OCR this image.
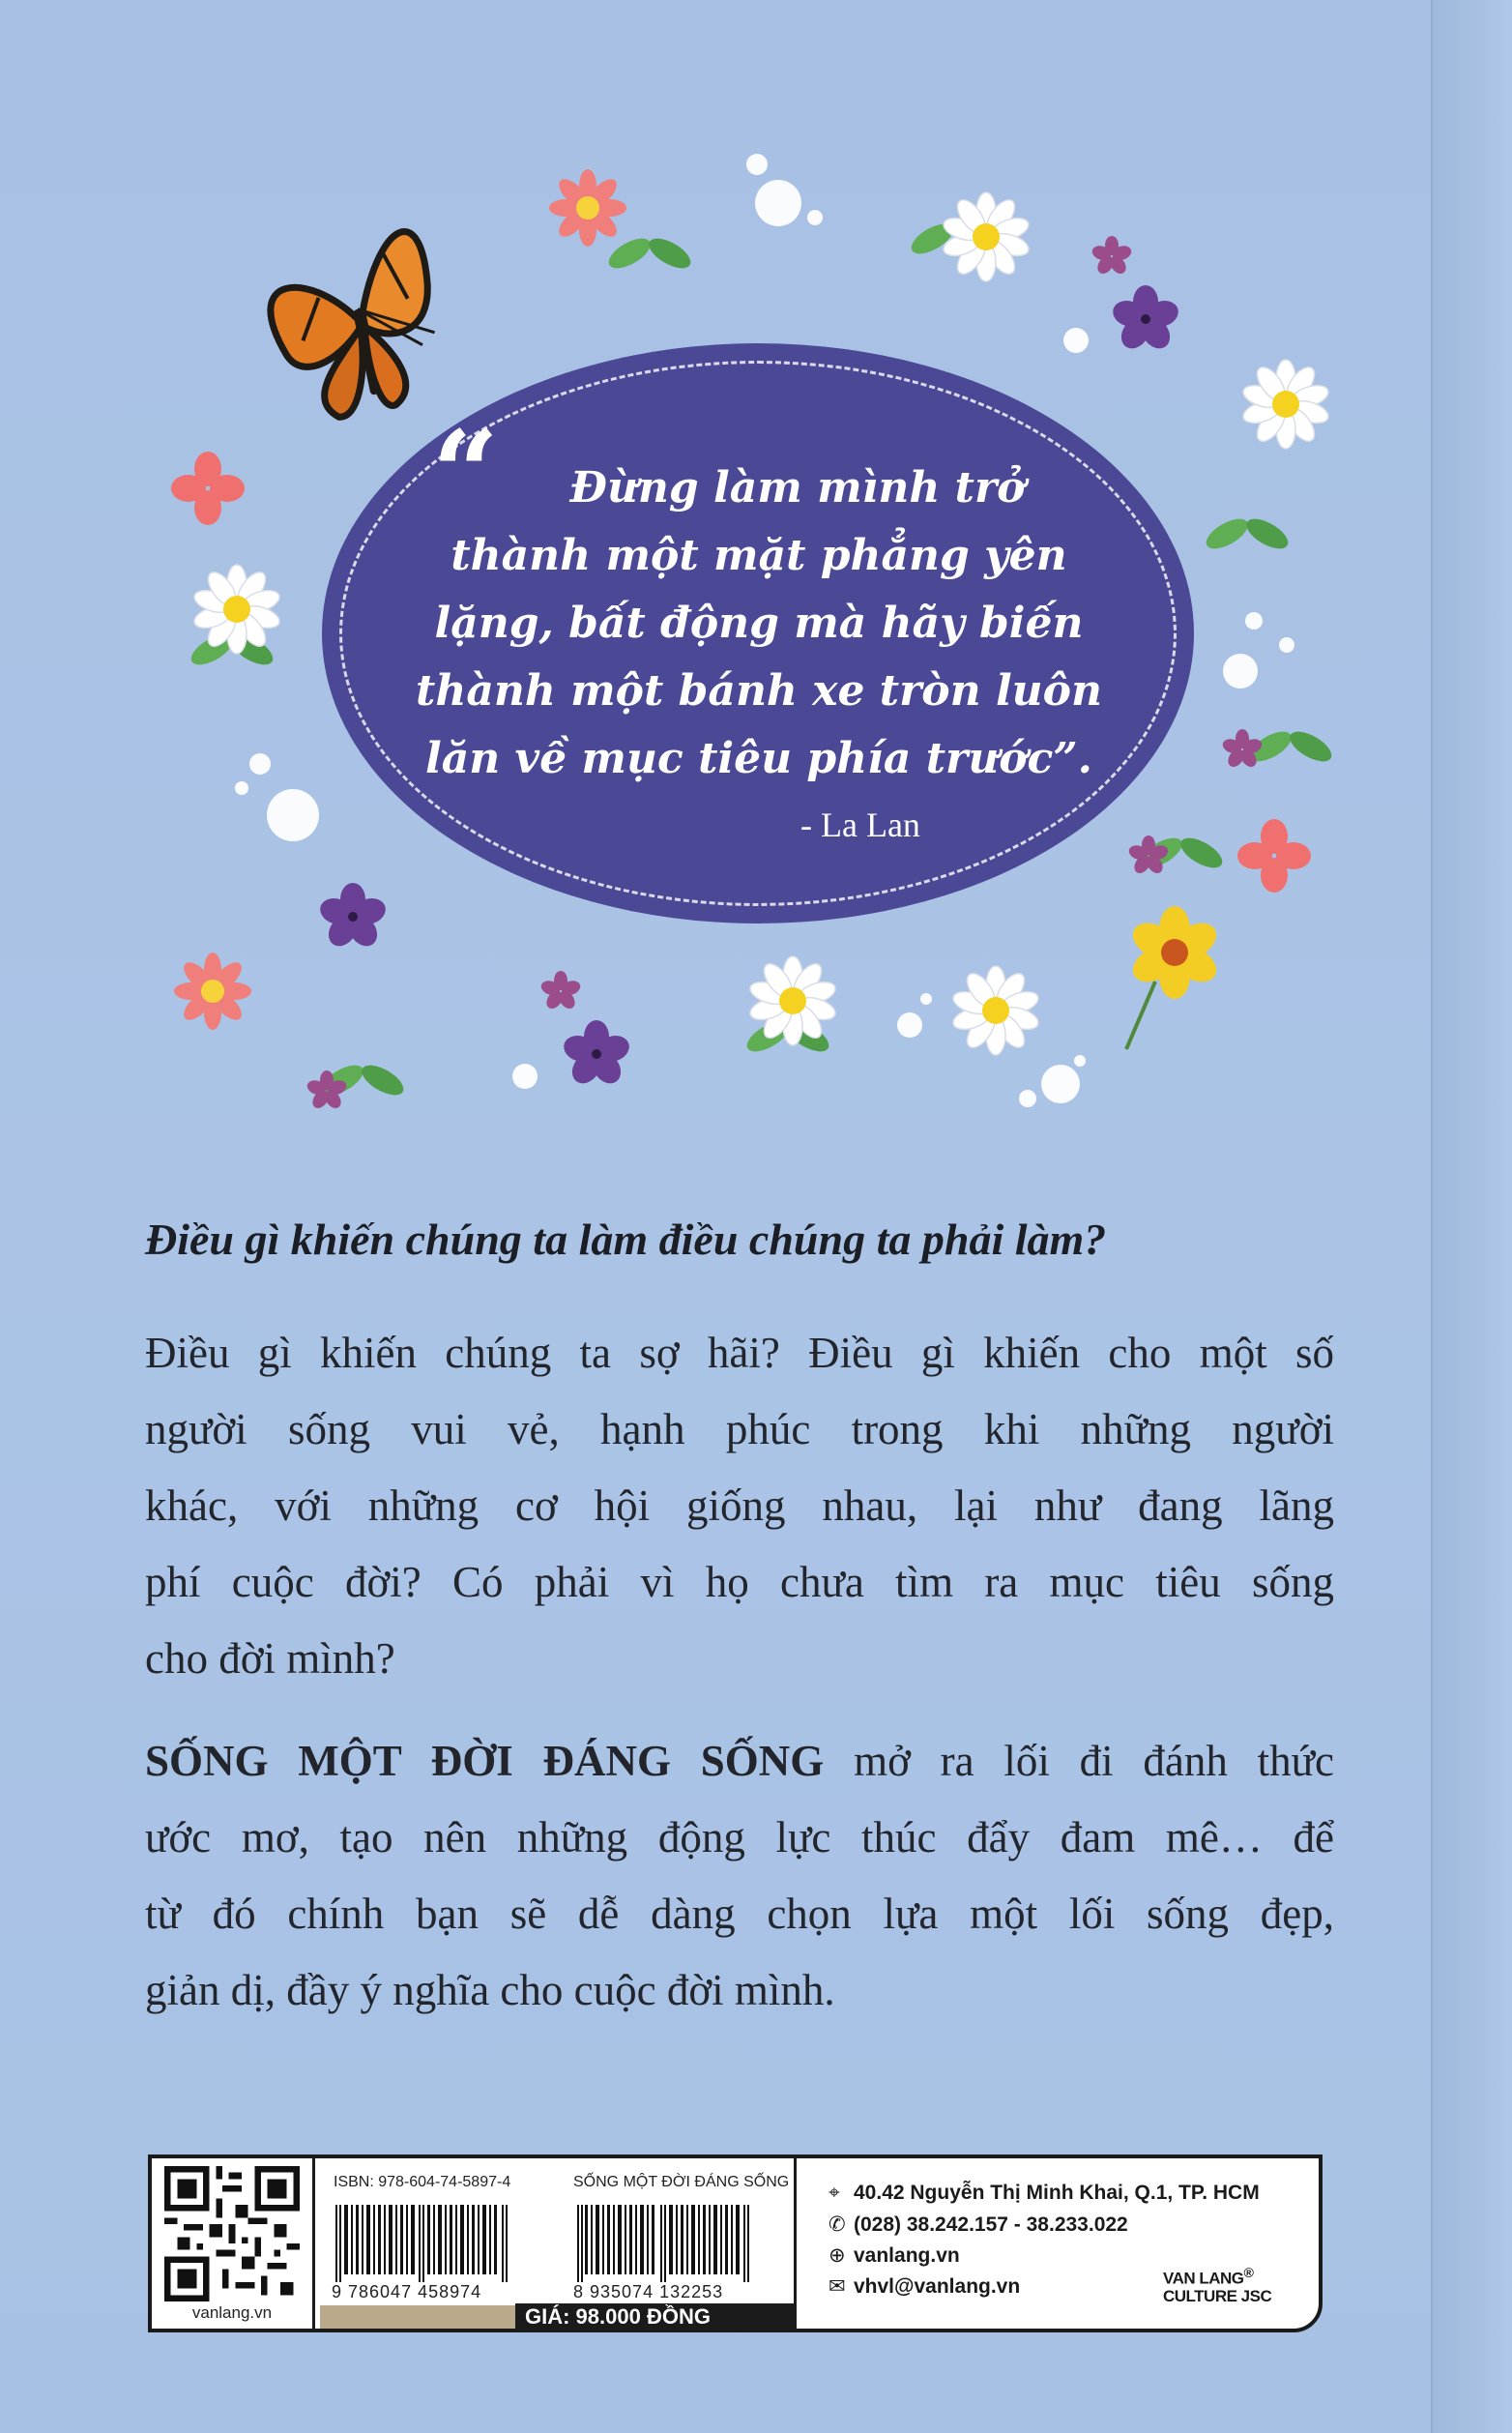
“	Đừng làm mình trở
thành một mặt phẳng yên
lặng, bất động mà hãy biến
thành một bánh xe tròn luôn
lăn về mục tiêu phía trước”.
- La Lan
Điều gì khiến chúng ta làm điều chúng ta phải làm?
Điều gì khiến chúng ta sợ hãi? Điều gì khiến cho một số
người sống vui vẻ, hạnh phúc trong khi những người
khác, với những cơ hội giống nhau, lại như đang lãng
phí cuộc đời? Có phải vì họ chưa tìm ra mục tiêu sống
cho đời mình?
SỐNG MỘT ĐỜI ĐÁNG SỐNG mở ra lối đi đánh thức
ước mơ, tạo nên những động lực thúc đẩy đam mê… để
từ đó chính bạn sẽ dễ dàng chọn lựa một lối sống đẹp,
giản dị, đầy ý nghĩa cho cuộc đời mình.
vanlang.vn
ISBN: 978-604-74-5897-4
9 786047 458974
SỐNG MỘT ĐỜI ĐÁNG SỐNG
8 935074 132253
GIÁ: 98.000 ĐỒNG
⌖ 40.42 Nguyễn Thị Minh Khai, Q.1, TP. HCM
✆ (028) 38.242.157 - 38.233.022
⊕ vanlang.vn
✉ vhvl@vanlang.vn	VAN LANG®
CULTURE JSC
